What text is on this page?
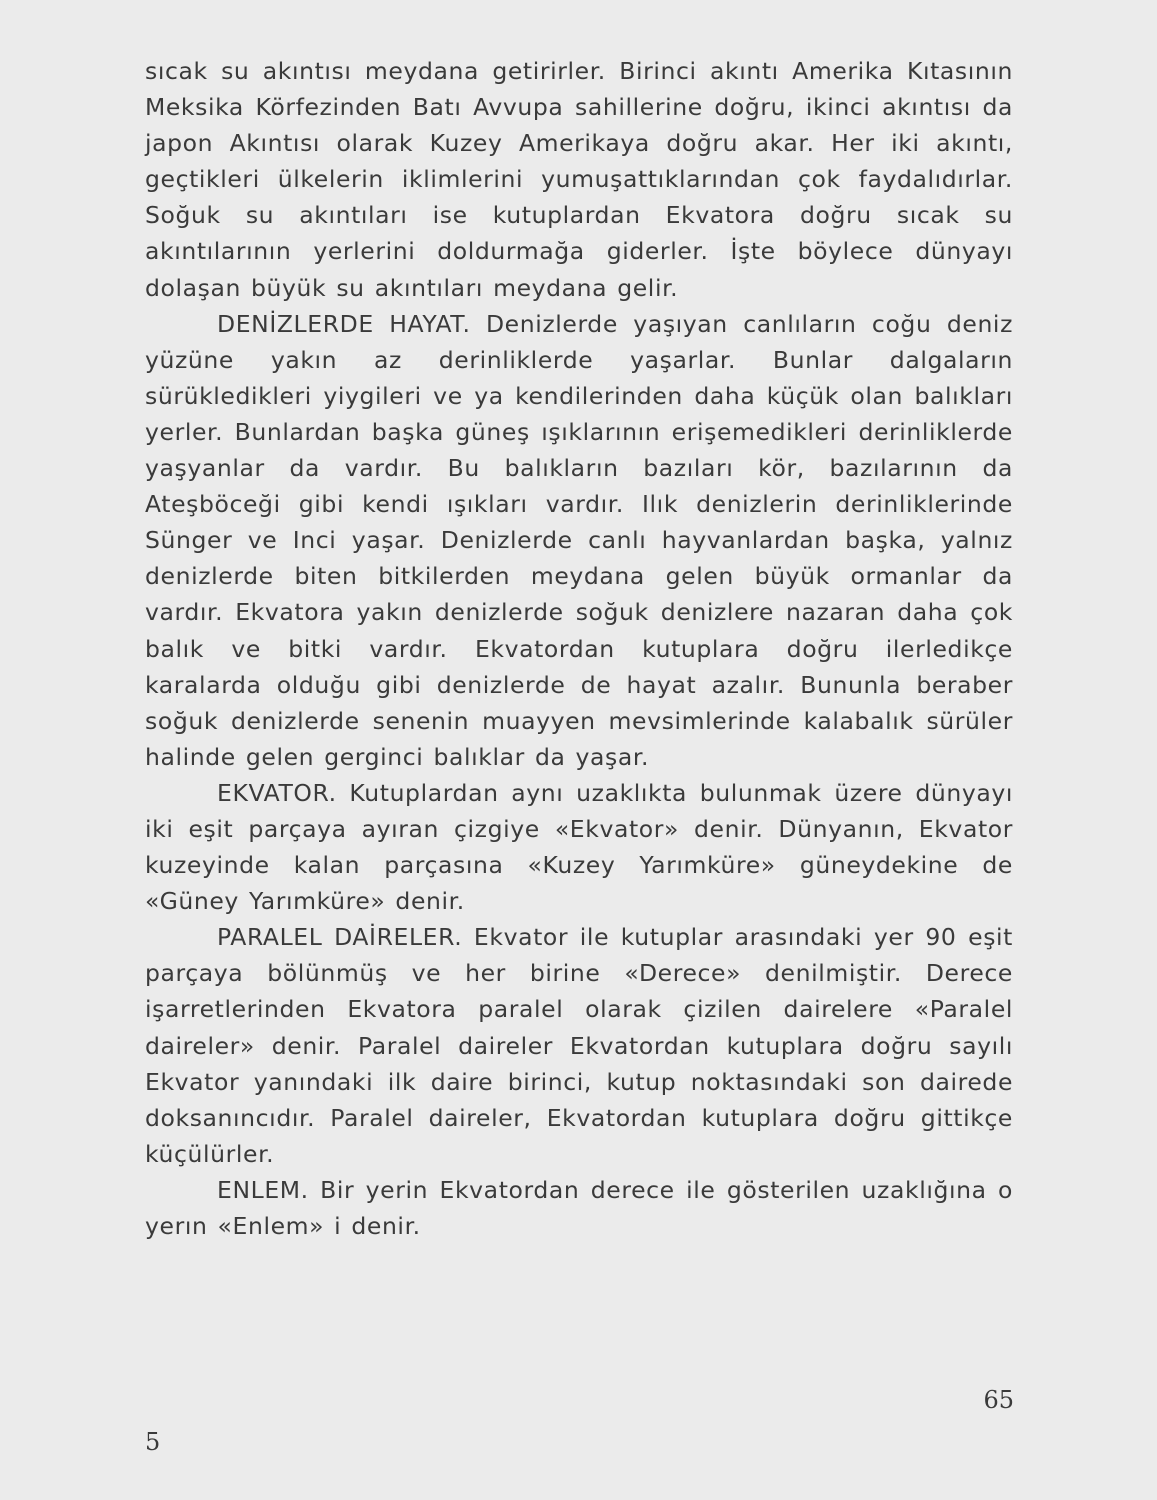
sıcak su akıntısı meydana getirirler. Birinci akıntı Amerika Kıtasının Meksika Körfezinden Batı Avvupa sahillerine doğru, ikinci akıntısı da japon Akıntısı olarak Kuzey Amerikaya doğru akar. Her iki akıntı, geçtikleri ülkelerin iklimlerini yumuşattıklarından çok faydalıdırlar. Soğuk su akıntıları ise kutuplardan Ekvatora doğru sıcak su akıntılarının yerlerini doldurmağa giderler. İşte böylece dünyayı dolaşan büyük su akıntıları meydana gelir.

DENİZLERDE HAYAT. Denizlerde yaşıyan canlıların coğu deniz yüzüne yakın az derinliklerde yaşarlar. Bunlar dalgaların sürükledikleri yiygileri ve ya kendilerinden daha küçük olan balıkları yerler. Bunlardan başka güneş ışıklarının erişemedikleri derinliklerde yaşyanlar da vardır. Bu balıkların bazıları kör, bazılarının da Ateşböceği gibi kendi ışıkları vardır. Ilık denizlerin derinliklerinde Sünger ve Inci yaşar. Denizlerde canlı hayvanlardan başka, yalnız denizlerde biten bitkilerden meydana gelen büyük ormanlar da vardır. Ekvatora yakın denizlerde soğuk denizlere nazaran daha çok balık ve bitki vardır. Ekvatordan kutuplara doğru ilerledikçe karalarda olduğu gibi denizlerde de hayat azalır. Bununla beraber soğuk denizlerde senenin muayyen mevsimlerinde kalabalık sürüler halinde gelen gerginci balıklar da yaşar.

EKVATOR. Kutuplardan aynı uzaklıkta bulunmak üzere dünyayı iki eşit parçaya ayıran çizgiye «Ekvator» denir. Dünyanın, Ekvator kuzeyinde kalan parçasına «Kuzey Yarımküre» güneydekine de «Güney Yarımküre» denir.

PARALEL DAİRELER. Ekvator ile kutuplar arasındaki yer 90 eşit parçaya bölünmüş ve her birine «Derece» denilmiştir. Derece işarretlerinden Ekvatora paralel olarak çizilen dairelere «Paralel daireler» denir. Paralel daireler Ekvatordan kutuplara doğru sayılı Ekvator yanındaki ilk daire birinci, kutup noktasındaki son dairede doksanıncıdır. Paralel daireler, Ekvatordan kutuplara doğru gittikçe küçülürler.

ENLEM. Bir yerin Ekvatordan derece ile gösterilen uzaklığına o yerın «Enlem» i denir.

65

5
